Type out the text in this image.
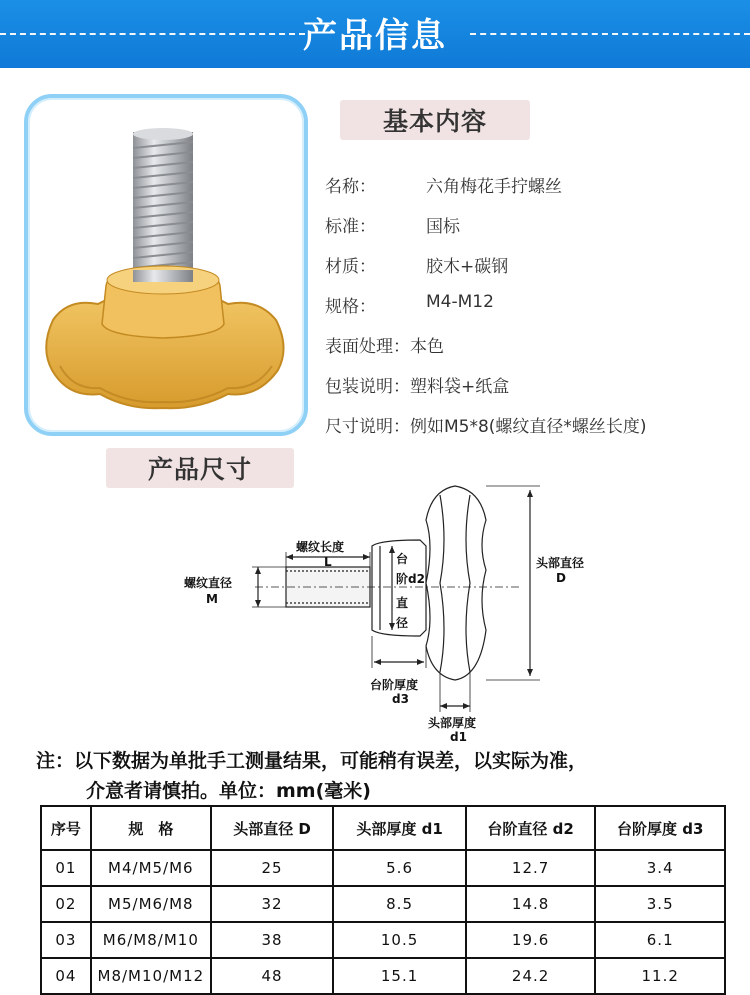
产品信息
基本内容
名称：	六角梅花手拧螺丝
标准：	国标
材质：	胶木+碳钢
规格：	M4-M12
表面处理： 本色
包装说明： 塑料袋+纸盒
尺寸说明： 例如M5*8(螺纹直径*螺丝长度)
产品尺寸
螺纹长度
L
螺纹直径
M
台
阶d2
直
径
头部直径
D
台阶厚度
d3
头部厚度
d1
注：以下数据为单批手工测量结果，可能稍有误差，以实际为准，
介意者请慎拍。单位：mm(毫米)
序号	规　格	头部直径 D	头部厚度 d1	台阶直径 d2	台阶厚度 d3
01	M4/M5/M6	25	5.6	12.7	3.4
02	M5/M6/M8	32	8.5	14.8	3.5
03	M6/M8/M10	38	10.5	19.6	6.1
04	M8/M10/M12	48	15.1	24.2	11.2
